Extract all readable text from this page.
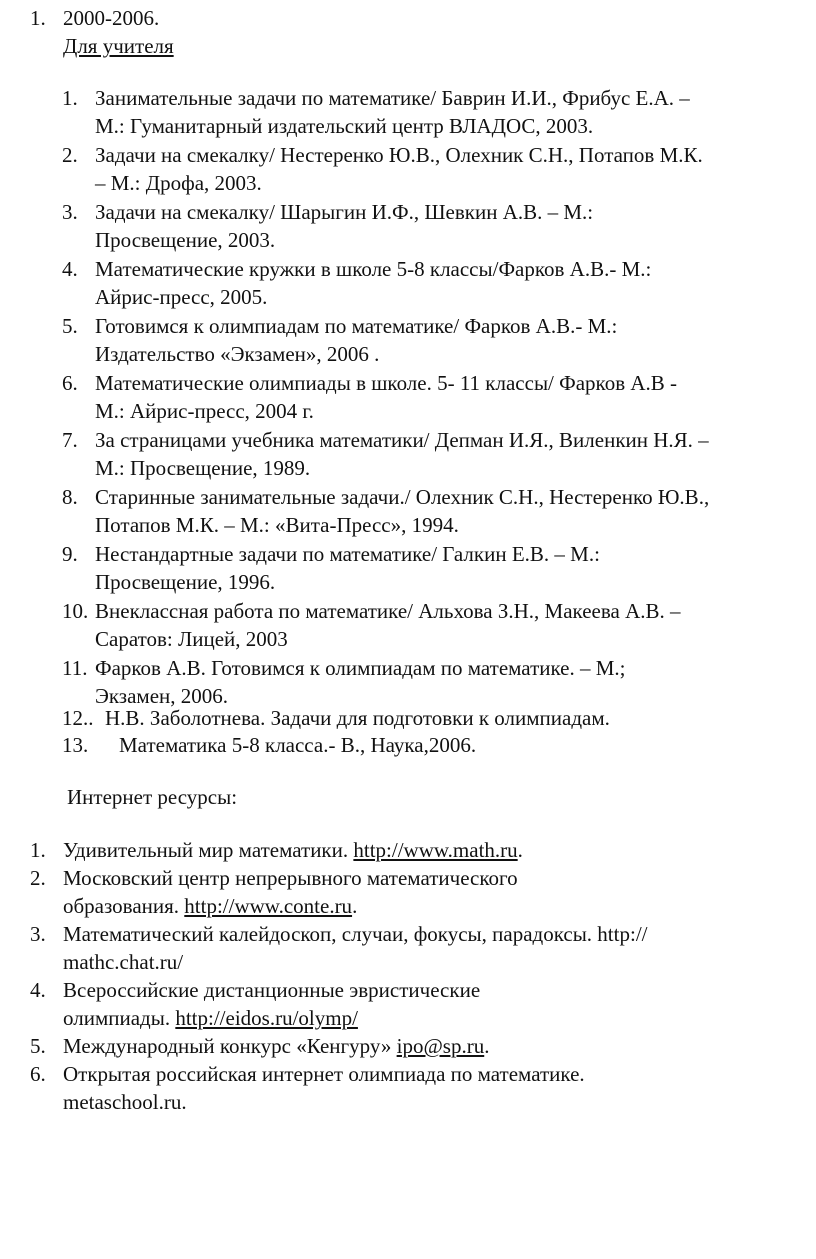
1. 2000-2006.
Для учителя
1. Занимательные задачи по математике/ Баврин И.И., Фрибус Е.А. –
М.: Гуманитарный издательский центр ВЛАДОС, 2003.
2. Задачи на смекалку/ Нестеренко Ю.В., Олехник С.Н., Потапов М.К.
– М.: Дрофа, 2003.
3. Задачи на смекалку/ Шарыгин И.Ф., Шевкин А.В. – М.:
Просвещение, 2003.
4. Математические кружки в школе 5-8 классы/Фарков А.В.- М.:
Айрис-пресс, 2005.
5. Готовимся к олимпиадам по математике/ Фарков А.В.- М.:
Издательство «Экзамен», 2006 .
6. Математические олимпиады в школе. 5- 11 классы/ Фарков А.В -
М.: Айрис-пресс, 2004 г.
7. За страницами учебника математики/ Депман И.Я., Виленкин Н.Я. –
М.: Просвещение, 1989.
8. Старинные занимательные задачи./ Олехник С.Н., Нестеренко Ю.В.,
Потапов М.К. – М.: «Вита-Пресс», 1994.
9. Нестандартные задачи по математике/ Галкин Е.В. – М.:
Просвещение, 1996.
10. Внеклассная работа по математике/ Альхова З.Н., Макеева А.В. –
Саратов: Лицей, 2003
11. Фарков А.В. Готовимся к олимпиадам по математике. – М.;
Экзамен, 2006.
12.. Н.В. Заболотнева. Задачи для подготовки к олимпиадам.
13.	Математика 5-8 класса.- В., Наука,2006.

Интернет ресурсы:

1. Удивительный мир математики. http://www.math.ru.
2. Московский центр непрерывного математического
образования. http://www.conte.ru.
3. Математический калейдоскоп, случаи, фокусы, парадоксы. http://
mathc.chat.ru/
4. Всероссийские дистанционные эвристические
олимпиады. http://eidos.ru/olymp/
5. Международный конкурс «Кенгуру» ipo@sp.ru.
6. Открытая российская интернет олимпиада по математике.
metaschool.ru.
